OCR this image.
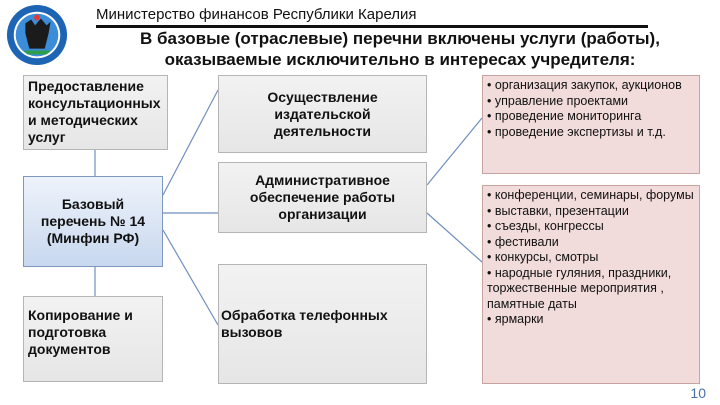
Министерство финансов Республики Карелия
В базовые (отраслевые) перечни включены услуги (работы),
оказываемые исключительно в интересах учредителя:
Предоставление консультационных и методических услуг
Базовый перечень № 14 (Минфин РФ)
Копирование и подготовка документов
Осуществление издательской деятельности
Административное обеспечение работы организации
Обработка телефонных вызовов
• организация закупок, аукционов
• управление проектами
• проведение мониторинга
• проведение экспертизы и т.д.
• конференции, семинары, форумы
• выставки, презентации
• съезды, конгрессы
• фестивали
• конкурсы, смотры
• народные гуляния, праздники, торжественные мероприятия , памятные даты
• ярмарки
10
